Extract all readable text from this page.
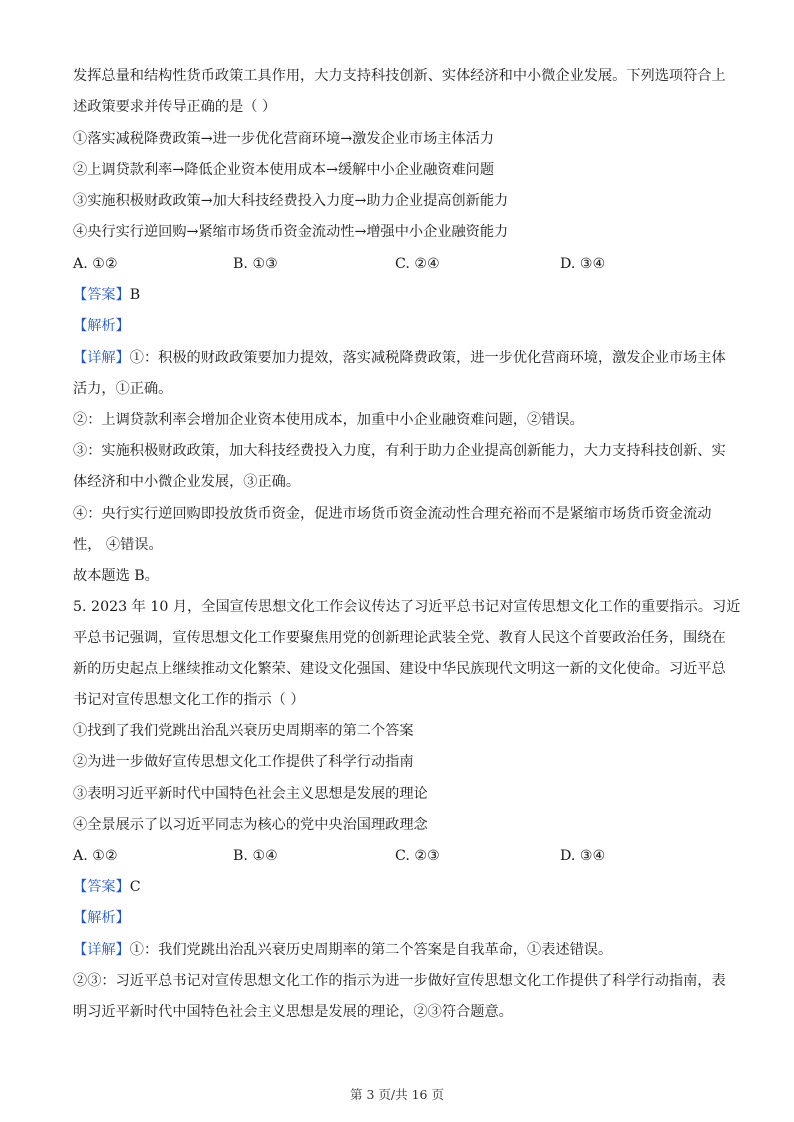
发挥总量和结构性货币政策工具作用，大力支持科技创新、实体经济和中小微企业发展。下列选项符合上
述政策要求并传导正确的是（ ）
①落实减税降费政策→进一步优化营商环境→激发企业市场主体活力
②上调贷款利率→降低企业资本使用成本→缓解中小企业融资难问题
③实施积极财政政策→加大科技经费投入力度→助力企业提高创新能力
④央行实行逆回购→紧缩市场货币资金流动性→增强中小企业融资能力
A. ①②	B. ①③	C. ②④	D. ③④
【答案】B
【解析】
【详解】①：积极的财政政策要加力提效，落实减税降费政策，进一步优化营商环境，激发企业市场主体
活力，①正确。
②：上调贷款利率会增加企业资本使用成本，加重中小企业融资难问题，②错误。
③：实施积极财政政策，加大科技经费投入力度，有利于助力企业提高创新能力，大力支持科技创新、实
体经济和中小微企业发展，③正确。
④：央行实行逆回购即投放货币资金，促进市场货币资金流动性合理充裕而不是紧缩市场货币资金流动
性， ④错误。
故本题选 B。
5. 2023 年 10 月，全国宣传思想文化工作会议传达了习近平总书记对宣传思想文化工作的重要指示。习近
平总书记强调，宣传思想文化工作要聚焦用党的创新理论武装全党、教育人民这个首要政治任务，围绕在
新的历史起点上继续推动文化繁荣、建设文化强国、建设中华民族现代文明这一新的文化使命。习近平总
书记对宣传思想文化工作的指示（ ）
①找到了我们党跳出治乱兴衰历史周期率的第二个答案
②为进一步做好宣传思想文化工作提供了科学行动指南
③表明习近平新时代中国特色社会主义思想是发展的理论
④全景展示了以习近平同志为核心的党中央治国理政理念
A. ①②	B. ①④	C. ②③	D. ③④
【答案】C
【解析】
【详解】①：我们党跳出治乱兴衰历史周期率的第二个答案是自我革命，①表述错误。
②③：习近平总书记对宣传思想文化工作的指示为进一步做好宣传思想文化工作提供了科学行动指南，表
明习近平新时代中国特色社会主义思想是发展的理论，②③符合题意。
第 3 页/共 16 页
